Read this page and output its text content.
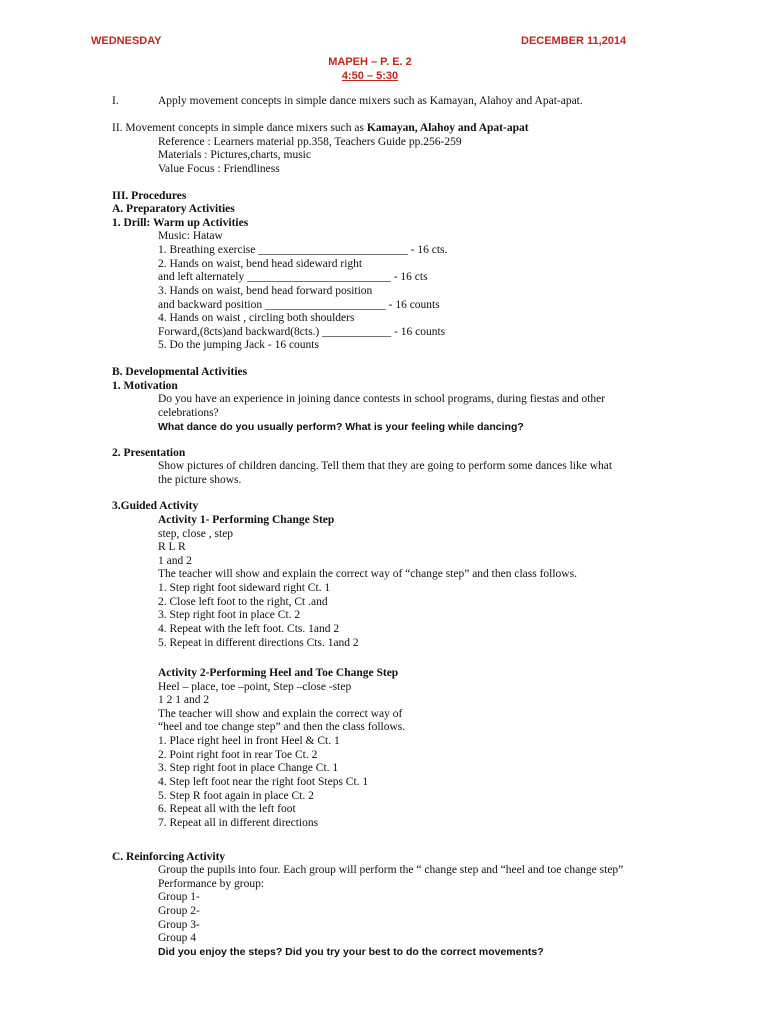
WEDNESDAY	DECEMBER 11,2014
MAPEH – P. E. 2
4:50 – 5:30
I.	Apply movement concepts in simple dance mixers such as Kamayan, Alahoy and Apat-apat.
II. Movement concepts in simple dance mixers such as Kamayan, Alahoy and Apat-apat
Reference : Learners material pp.358, Teachers Guide pp.256-259
Materials : Pictures,charts, music
Value Focus : Friendliness
III. Procedures
A. Preparatory Activities
1. Drill: Warm up Activities
Music: Hataw
1. Breathing exercise __________________________ - 16 cts.
2. Hands on waist, bend head sideward right
and left alternately _________________________ - 16 cts
3. Hands on waist, bend head forward position
and backward position _____________________ - 16 counts
4. Hands on waist , circling both shoulders
Forward,(8cts)and backward(8cts.) ____________ - 16 counts
5. Do the jumping Jack - 16 counts
B. Developmental Activities
1. Motivation
Do you have an experience in joining dance contests in school programs, during fiestas and other
celebrations?
What dance do you usually perform? What is your feeling while dancing?
2. Presentation
Show pictures of children dancing. Tell them that they are going to perform some dances like what
the picture shows.
3.Guided Activity
Activity 1- Performing Change Step
step, close , step
R L R
1 and 2
The teacher will show and explain the correct way of “change step” and then class follows.
1. Step right foot sideward right Ct. 1
2. Close left foot to the right, Ct .and
3. Step right foot in place Ct. 2
4. Repeat with the left foot. Cts. 1and 2
5. Repeat in different directions Cts. 1and 2
Activity 2-Performing Heel and Toe Change Step
Heel – place, toe –point, Step –close -step
1 2 1 and 2
The teacher will show and explain the correct way of
“heel and toe change step” and then the class follows.
1. Place right heel in front Heel & Ct. 1
2. Point right foot in rear Toe Ct. 2
3. Step right foot in place Change Ct. 1
4. Step left foot near the right foot Steps Ct. 1
5. Step R foot again in place Ct. 2
6. Repeat all with the left foot
7. Repeat all in different directions
C. Reinforcing Activity
Group the pupils into four. Each group will perform the “ change step and “heel and toe change step”
Performance by group:
Group 1-
Group 2-
Group 3-
Group 4
Did you enjoy the steps? Did you try your best to do the correct movements?
